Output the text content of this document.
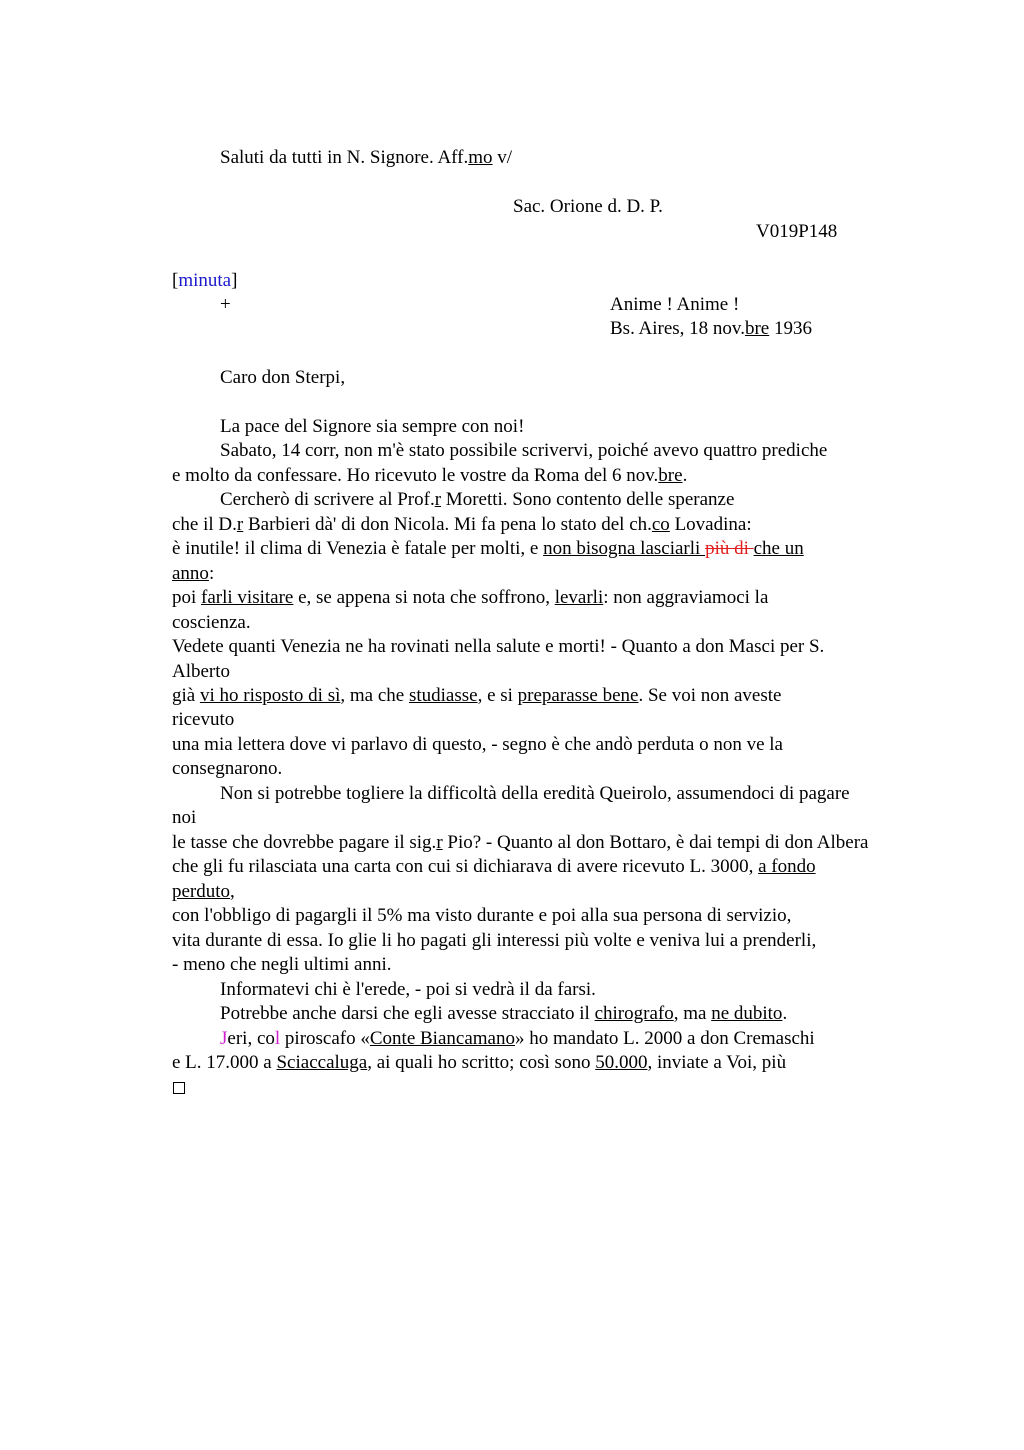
Saluti da tutti in N. Signore. Aff.mo v/
Sac. Orione d. D. P.
V019P148
[minuta]
+	Anime ! Anime !
Bs. Aires, 18 nov.bre 1936
Caro don Sterpi,
La pace del Signore sia sempre con noi!
Sabato, 14 corr, non m'è stato possibile scrivervi, poiché avevo quattro prediche
e molto da confessare. Ho ricevuto le vostre da Roma del 6 nov.bre.
Cercherò di scrivere al Prof.r Moretti. Sono contento delle speranze
che il D.r Barbieri dà' di don Nicola. Mi fa pena lo stato del ch.co Lovadina:
è inutile! il clima di Venezia è fatale per molti, e non bisogna lasciarli più di che un
anno:
poi farli visitare e, se appena si nota che soffrono, levarli: non aggraviamoci la
coscienza.
Vedete quanti Venezia ne ha rovinati nella salute e morti! - Quanto a don Masci per S.
Alberto
già vi ho risposto di sì, ma che studiasse, e si preparasse bene. Se voi non aveste
ricevuto
una mia lettera dove vi parlavo di questo, - segno è che andò perduta o non ve la
consegnarono.
Non si potrebbe togliere la difficoltà della eredità Queirolo, assumendoci di pagare
noi
le tasse che dovrebbe pagare il sig.r Pio? - Quanto al don Bottaro, è dai tempi di don Albera
che gli fu rilasciata una carta con cui si dichiarava di avere ricevuto L. 3000, a fondo
perduto,
con l'obbligo di pagargli il 5% ma visto durante e poi alla sua persona di servizio,
vita durante di essa. Io glie li ho pagati gli interessi più volte e veniva lui a prenderli,
- meno che negli ultimi anni.
Informatevi chi è l'erede, - poi si vedrà il da farsi.
Potrebbe anche darsi che egli avesse stracciato il chirografo, ma ne dubito.
Jeri, col piroscafo «Conte Biancamano» ho mandato L. 2000 a don Cremaschi
e L. 17.000 a Sciaccaluga, ai quali ho scritto; così sono 50.000, inviate a Voi, più
